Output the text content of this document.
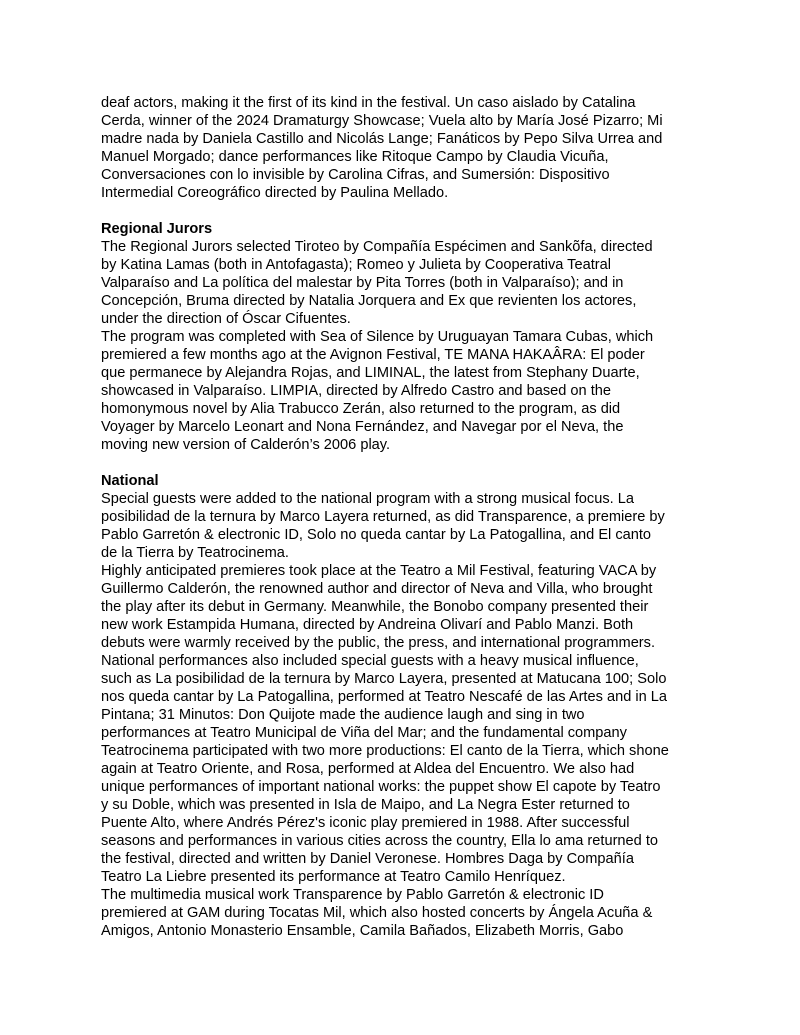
deaf actors, making it the first of its kind in the festival. Un caso aislado by Catalina
Cerda, winner of the 2024 Dramaturgy Showcase; Vuela alto by María José Pizarro; Mi
madre nada by Daniela Castillo and Nicolás Lange; Fanáticos by Pepo Silva Urrea and
Manuel Morgado; dance performances like Ritoque Campo by Claudia Vicuña,
Conversaciones con lo invisible by Carolina Cifras, and Sumersión: Dispositivo
Intermedial Coreográfico directed by Paulina Mellado.

Regional Jurors

The Regional Jurors selected Tiroteo by Compañía Espécimen and Sankõfa, directed
by Katina Lamas (both in Antofagasta); Romeo y Julieta by Cooperativa Teatral
Valparaíso and La política del malestar by Pita Torres (both in Valparaíso); and in
Concepción, Bruma directed by Natalia Jorquera and Ex que revienten los actores,
under the direction of Óscar Cifuentes.

The program was completed with Sea of Silence by Uruguayan Tamara Cubas, which
premiered a few months ago at the Avignon Festival, TE MANA HAKAÂRA: El poder
que permanece by Alejandra Rojas, and LIMINAL, the latest from Stephany Duarte,
showcased in Valparaíso. LIMPIA, directed by Alfredo Castro and based on the
homonymous novel by Alia Trabucco Zerán, also returned to the program, as did
Voyager by Marcelo Leonart and Nona Fernández, and Navegar por el Neva, the
moving new version of Calderón’s 2006 play.

National

Special guests were added to the national program with a strong musical focus. La
posibilidad de la ternura by Marco Layera returned, as did Transparence, a premiere by
Pablo Garretón & electronic ID, Solo no queda cantar by La Patogallina, and El canto
de la Tierra by Teatrocinema.

Highly anticipated premieres took place at the Teatro a Mil Festival, featuring VACA by
Guillermo Calderón, the renowned author and director of Neva and Villa, who brought
the play after its debut in Germany. Meanwhile, the Bonobo company presented their
new work Estampida Humana, directed by Andreina Olivarí and Pablo Manzi. Both
debuts were warmly received by the public, the press, and international programmers.
National performances also included special guests with a heavy musical influence,
such as La posibilidad de la ternura by Marco Layera, presented at Matucana 100; Solo
nos queda cantar by La Patogallina, performed at Teatro Nescafé de las Artes and in La
Pintana; 31 Minutos: Don Quijote made the audience laugh and sing in two
performances at Teatro Municipal de Viña del Mar; and the fundamental company
Teatrocinema participated with two more productions: El canto de la Tierra, which shone
again at Teatro Oriente, and Rosa, performed at Aldea del Encuentro. We also had
unique performances of important national works: the puppet show El capote by Teatro
y su Doble, which was presented in Isla de Maipo, and La Negra Ester returned to
Puente Alto, where Andrés Pérez's iconic play premiered in 1988. After successful
seasons and performances in various cities across the country, Ella lo ama returned to
the festival, directed and written by Daniel Veronese. Hombres Daga by Compañía
Teatro La Liebre presented its performance at Teatro Camilo Henríquez.

The multimedia musical work Transparence by Pablo Garretón & electronic ID
premiered at GAM during Tocatas Mil, which also hosted concerts by Ángela Acuña &
Amigos, Antonio Monasterio Ensamble, Camila Bañados, Elizabeth Morris, Gabo
